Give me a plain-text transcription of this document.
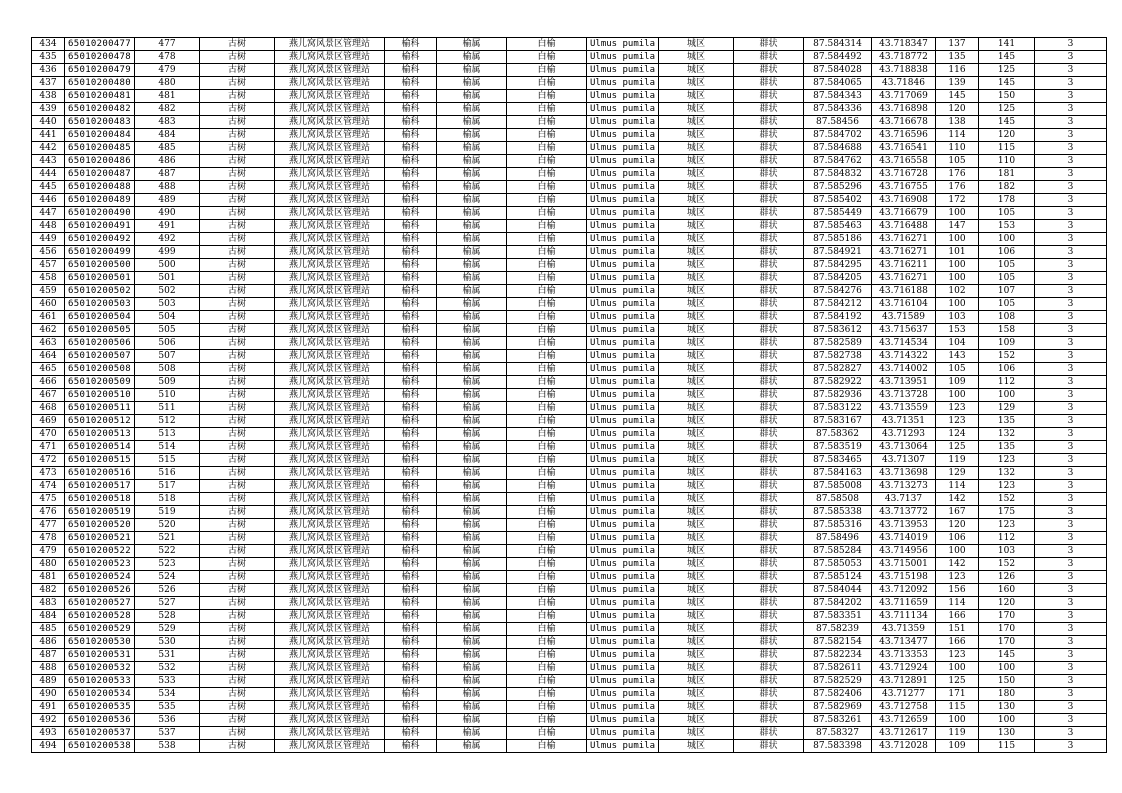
434	65010200477	477	古树	燕儿窝风景区管理站	榆科	榆属	白榆	Ulmus pumila	城区	群状	87.584314	43.718347	137	141	3
435	65010200478	478	古树	燕儿窝风景区管理站	榆科	榆属	白榆	Ulmus pumila	城区	群状	87.584492	43.718772	135	145	3
436	65010200479	479	古树	燕儿窝风景区管理站	榆科	榆属	白榆	Ulmus pumila	城区	群状	87.584028	43.718838	116	125	3
437	65010200480	480	古树	燕儿窝风景区管理站	榆科	榆属	白榆	Ulmus pumila	城区	群状	87.584065	43.71846	139	145	3
438	65010200481	481	古树	燕儿窝风景区管理站	榆科	榆属	白榆	Ulmus pumila	城区	群状	87.584343	43.717069	145	150	3
439	65010200482	482	古树	燕儿窝风景区管理站	榆科	榆属	白榆	Ulmus pumila	城区	群状	87.584336	43.716898	120	125	3
440	65010200483	483	古树	燕儿窝风景区管理站	榆科	榆属	白榆	Ulmus pumila	城区	群状	87.58456	43.716678	138	145	3
441	65010200484	484	古树	燕儿窝风景区管理站	榆科	榆属	白榆	Ulmus pumila	城区	群状	87.584702	43.716596	114	120	3
442	65010200485	485	古树	燕儿窝风景区管理站	榆科	榆属	白榆	Ulmus pumila	城区	群状	87.584688	43.716541	110	115	3
443	65010200486	486	古树	燕儿窝风景区管理站	榆科	榆属	白榆	Ulmus pumila	城区	群状	87.584762	43.716558	105	110	3
444	65010200487	487	古树	燕儿窝风景区管理站	榆科	榆属	白榆	Ulmus pumila	城区	群状	87.584832	43.716728	176	181	3
445	65010200488	488	古树	燕儿窝风景区管理站	榆科	榆属	白榆	Ulmus pumila	城区	群状	87.585296	43.716755	176	182	3
446	65010200489	489	古树	燕儿窝风景区管理站	榆科	榆属	白榆	Ulmus pumila	城区	群状	87.585402	43.716908	172	178	3
447	65010200490	490	古树	燕儿窝风景区管理站	榆科	榆属	白榆	Ulmus pumila	城区	群状	87.585449	43.716679	100	105	3
448	65010200491	491	古树	燕儿窝风景区管理站	榆科	榆属	白榆	Ulmus pumila	城区	群状	87.585463	43.716488	147	153	3
449	65010200492	492	古树	燕儿窝风景区管理站	榆科	榆属	白榆	Ulmus pumila	城区	群状	87.585186	43.716271	100	100	3
456	65010200499	499	古树	燕儿窝风景区管理站	榆科	榆属	白榆	Ulmus pumila	城区	群状	87.584921	43.716271	101	106	3
457	65010200500	500	古树	燕儿窝风景区管理站	榆科	榆属	白榆	Ulmus pumila	城区	群状	87.584295	43.716211	100	105	3
458	65010200501	501	古树	燕儿窝风景区管理站	榆科	榆属	白榆	Ulmus pumila	城区	群状	87.584205	43.716271	100	105	3
459	65010200502	502	古树	燕儿窝风景区管理站	榆科	榆属	白榆	Ulmus pumila	城区	群状	87.584276	43.716188	102	107	3
460	65010200503	503	古树	燕儿窝风景区管理站	榆科	榆属	白榆	Ulmus pumila	城区	群状	87.584212	43.716104	100	105	3
461	65010200504	504	古树	燕儿窝风景区管理站	榆科	榆属	白榆	Ulmus pumila	城区	群状	87.584192	43.71589	103	108	3
462	65010200505	505	古树	燕儿窝风景区管理站	榆科	榆属	白榆	Ulmus pumila	城区	群状	87.583612	43.715637	153	158	3
463	65010200506	506	古树	燕儿窝风景区管理站	榆科	榆属	白榆	Ulmus pumila	城区	群状	87.582589	43.714534	104	109	3
464	65010200507	507	古树	燕儿窝风景区管理站	榆科	榆属	白榆	Ulmus pumila	城区	群状	87.582738	43.714322	143	152	3
465	65010200508	508	古树	燕儿窝风景区管理站	榆科	榆属	白榆	Ulmus pumila	城区	群状	87.582827	43.714002	105	106	3
466	65010200509	509	古树	燕儿窝风景区管理站	榆科	榆属	白榆	Ulmus pumila	城区	群状	87.582922	43.713951	109	112	3
467	65010200510	510	古树	燕儿窝风景区管理站	榆科	榆属	白榆	Ulmus pumila	城区	群状	87.582936	43.713728	100	100	3
468	65010200511	511	古树	燕儿窝风景区管理站	榆科	榆属	白榆	Ulmus pumila	城区	群状	87.583122	43.713559	123	129	3
469	65010200512	512	古树	燕儿窝风景区管理站	榆科	榆属	白榆	Ulmus pumila	城区	群状	87.583167	43.71351	123	135	3
470	65010200513	513	古树	燕儿窝风景区管理站	榆科	榆属	白榆	Ulmus pumila	城区	群状	87.58362	43.71293	124	132	3
471	65010200514	514	古树	燕儿窝风景区管理站	榆科	榆属	白榆	Ulmus pumila	城区	群状	87.583519	43.713064	125	135	3
472	65010200515	515	古树	燕儿窝风景区管理站	榆科	榆属	白榆	Ulmus pumila	城区	群状	87.583465	43.71307	119	123	3
473	65010200516	516	古树	燕儿窝风景区管理站	榆科	榆属	白榆	Ulmus pumila	城区	群状	87.584163	43.713698	129	132	3
474	65010200517	517	古树	燕儿窝风景区管理站	榆科	榆属	白榆	Ulmus pumila	城区	群状	87.585008	43.713273	114	123	3
475	65010200518	518	古树	燕儿窝风景区管理站	榆科	榆属	白榆	Ulmus pumila	城区	群状	87.58508	43.7137	142	152	3
476	65010200519	519	古树	燕儿窝风景区管理站	榆科	榆属	白榆	Ulmus pumila	城区	群状	87.585338	43.713772	167	175	3
477	65010200520	520	古树	燕儿窝风景区管理站	榆科	榆属	白榆	Ulmus pumila	城区	群状	87.585316	43.713953	120	123	3
478	65010200521	521	古树	燕儿窝风景区管理站	榆科	榆属	白榆	Ulmus pumila	城区	群状	87.58496	43.714019	106	112	3
479	65010200522	522	古树	燕儿窝风景区管理站	榆科	榆属	白榆	Ulmus pumila	城区	群状	87.585284	43.714956	100	103	3
480	65010200523	523	古树	燕儿窝风景区管理站	榆科	榆属	白榆	Ulmus pumila	城区	群状	87.585053	43.715001	142	152	3
481	65010200524	524	古树	燕儿窝风景区管理站	榆科	榆属	白榆	Ulmus pumila	城区	群状	87.585124	43.715198	123	126	3
482	65010200526	526	古树	燕儿窝风景区管理站	榆科	榆属	白榆	Ulmus pumila	城区	群状	87.584044	43.712092	156	160	3
483	65010200527	527	古树	燕儿窝风景区管理站	榆科	榆属	白榆	Ulmus pumila	城区	群状	87.584202	43.711659	114	120	3
484	65010200528	528	古树	燕儿窝风景区管理站	榆科	榆属	白榆	Ulmus pumila	城区	群状	87.583351	43.711134	166	170	3
485	65010200529	529	古树	燕儿窝风景区管理站	榆科	榆属	白榆	Ulmus pumila	城区	群状	87.58239	43.71359	151	170	3
486	65010200530	530	古树	燕儿窝风景区管理站	榆科	榆属	白榆	Ulmus pumila	城区	群状	87.582154	43.713477	166	170	3
487	65010200531	531	古树	燕儿窝风景区管理站	榆科	榆属	白榆	Ulmus pumila	城区	群状	87.582234	43.713353	123	145	3
488	65010200532	532	古树	燕儿窝风景区管理站	榆科	榆属	白榆	Ulmus pumila	城区	群状	87.582611	43.712924	100	100	3
489	65010200533	533	古树	燕儿窝风景区管理站	榆科	榆属	白榆	Ulmus pumila	城区	群状	87.582529	43.712891	125	150	3
490	65010200534	534	古树	燕儿窝风景区管理站	榆科	榆属	白榆	Ulmus pumila	城区	群状	87.582406	43.71277	171	180	3
491	65010200535	535	古树	燕儿窝风景区管理站	榆科	榆属	白榆	Ulmus pumila	城区	群状	87.582969	43.712758	115	130	3
492	65010200536	536	古树	燕儿窝风景区管理站	榆科	榆属	白榆	Ulmus pumila	城区	群状	87.583261	43.712659	100	100	3
493	65010200537	537	古树	燕儿窝风景区管理站	榆科	榆属	白榆	Ulmus pumila	城区	群状	87.58327	43.712617	119	130	3
494	65010200538	538	古树	燕儿窝风景区管理站	榆科	榆属	白榆	Ulmus pumila	城区	群状	87.583398	43.712028	109	115	3
